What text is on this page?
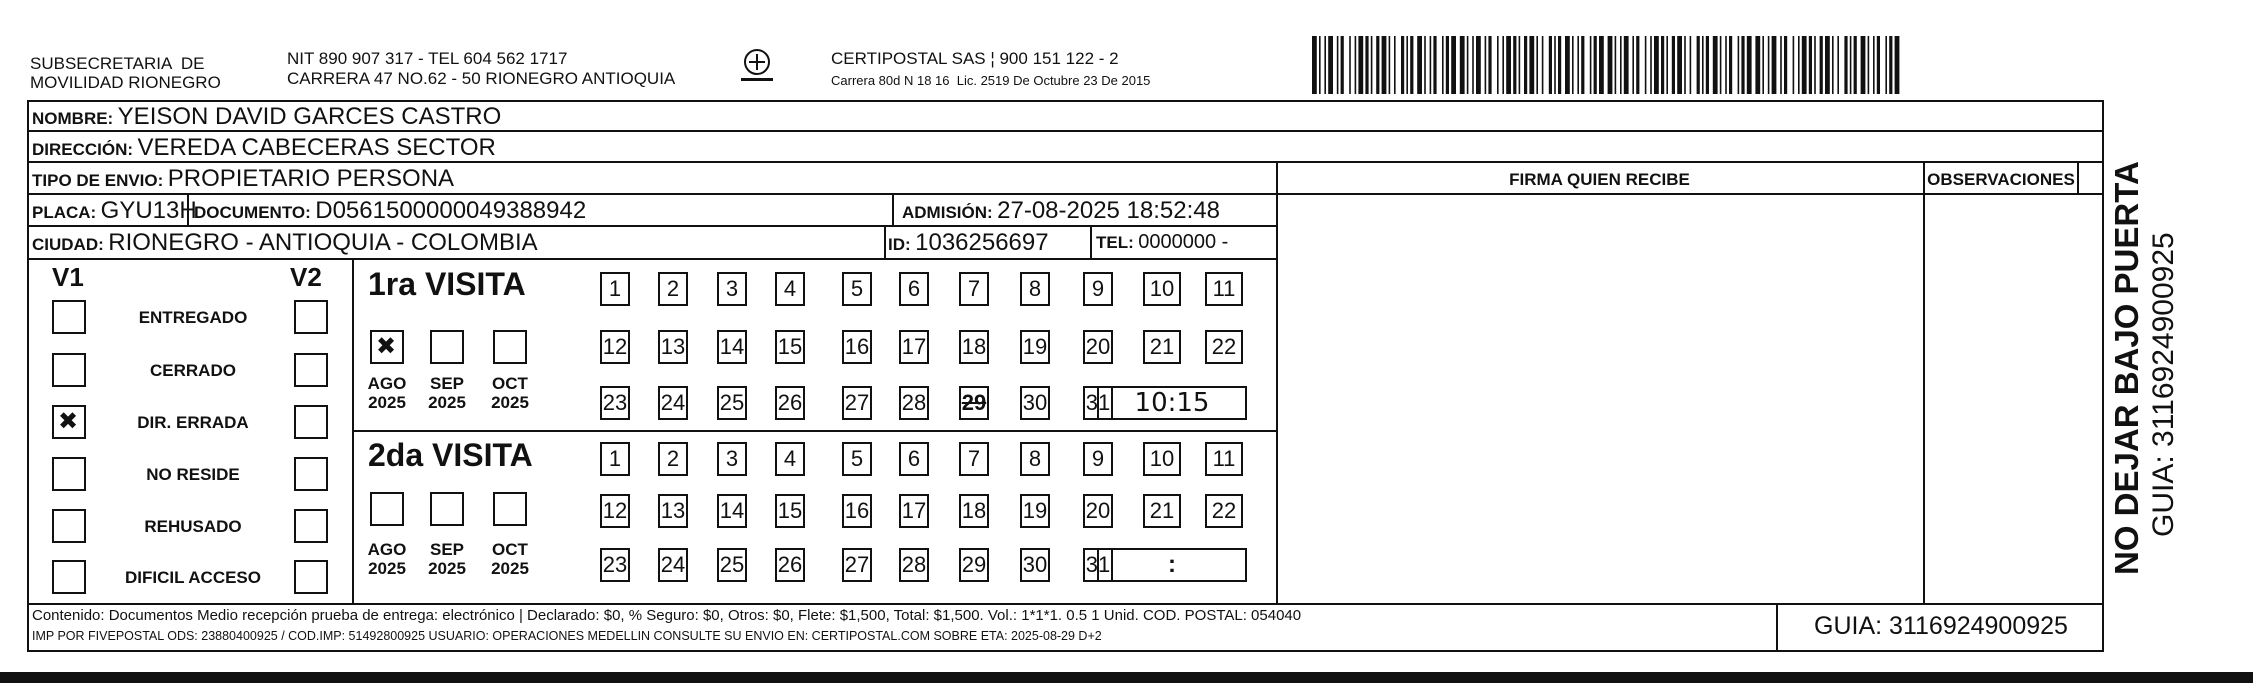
SUBSECRETARIA  DE
MOVILIDAD RIONEGRO
NIT 890 907 317 - TEL 604 562 1717
CARRERA 47 NO.62 - 50 RIONEGRO ANTIOQUIA
CERTIPOSTAL SAS ¦ 900 151 122 - 2
Carrera 80d N 18 16  Lic. 2519 De Octubre 23 De 2015
NOMBRE: YEISON DAVID GARCES CASTRO
DIRECCIÓN: VEREDA CABECERAS SECTOR
TIPO DE ENVIO: PROPIETARIO PERSONA	FIRMA QUIEN RECIBE	OBSERVACIONES
PLACA: GYU13H
DOCUMENTO: D0561500000049388942	ADMISIÓN: 27-08-2025 18:52:48
CIUDAD: RIONEGRO - ANTIOQUIA - COLOMBIA	ID: 1036256697	TEL: 0000000 -
V1	V2
ENTREGADO
CERRADO
✖
DIR. ERRADA
NO RESIDE
REHUSADO
DIFICIL ACCESO
1ra VISITA
✖
AGO
2025
SEP
2025
OCT
2025
1	2	3	4	5	6	7	8	9	10	11
12 13 14 15 16 17 18 19 20	21	22
23 24 25 26 27 28 29 30 31 10:15
2da VISITA
AGO
2025
SEP
2025
OCT
2025
1	2	3	4	5	6	7	8	9	10	11
12 13 14 15 16 17 18 19 20	21	22
23 24 25 26 27 28 29 30 31	:
Contenido: Documentos Medio recepción prueba de entrega: electrónico | Declarado: $0, % Seguro: $0, Otros: $0, Flete: $1,500, Total: $1,500. Vol.: 1*1*1. 0.5 1 Unid. COD. POSTAL: 054040
IMP POR FIVEPOSTAL ODS: 23880400925 / COD.IMP: 51492800925 USUARIO: OPERACIONES MEDELLIN CONSULTE SU ENVIO EN: CERTIPOSTAL.COM SOBRE ETA: 2025-08-29 D+2	GUIA: 3116924900925
NO DEJAR BAJO PUERTA GUIA: 3116924900925
